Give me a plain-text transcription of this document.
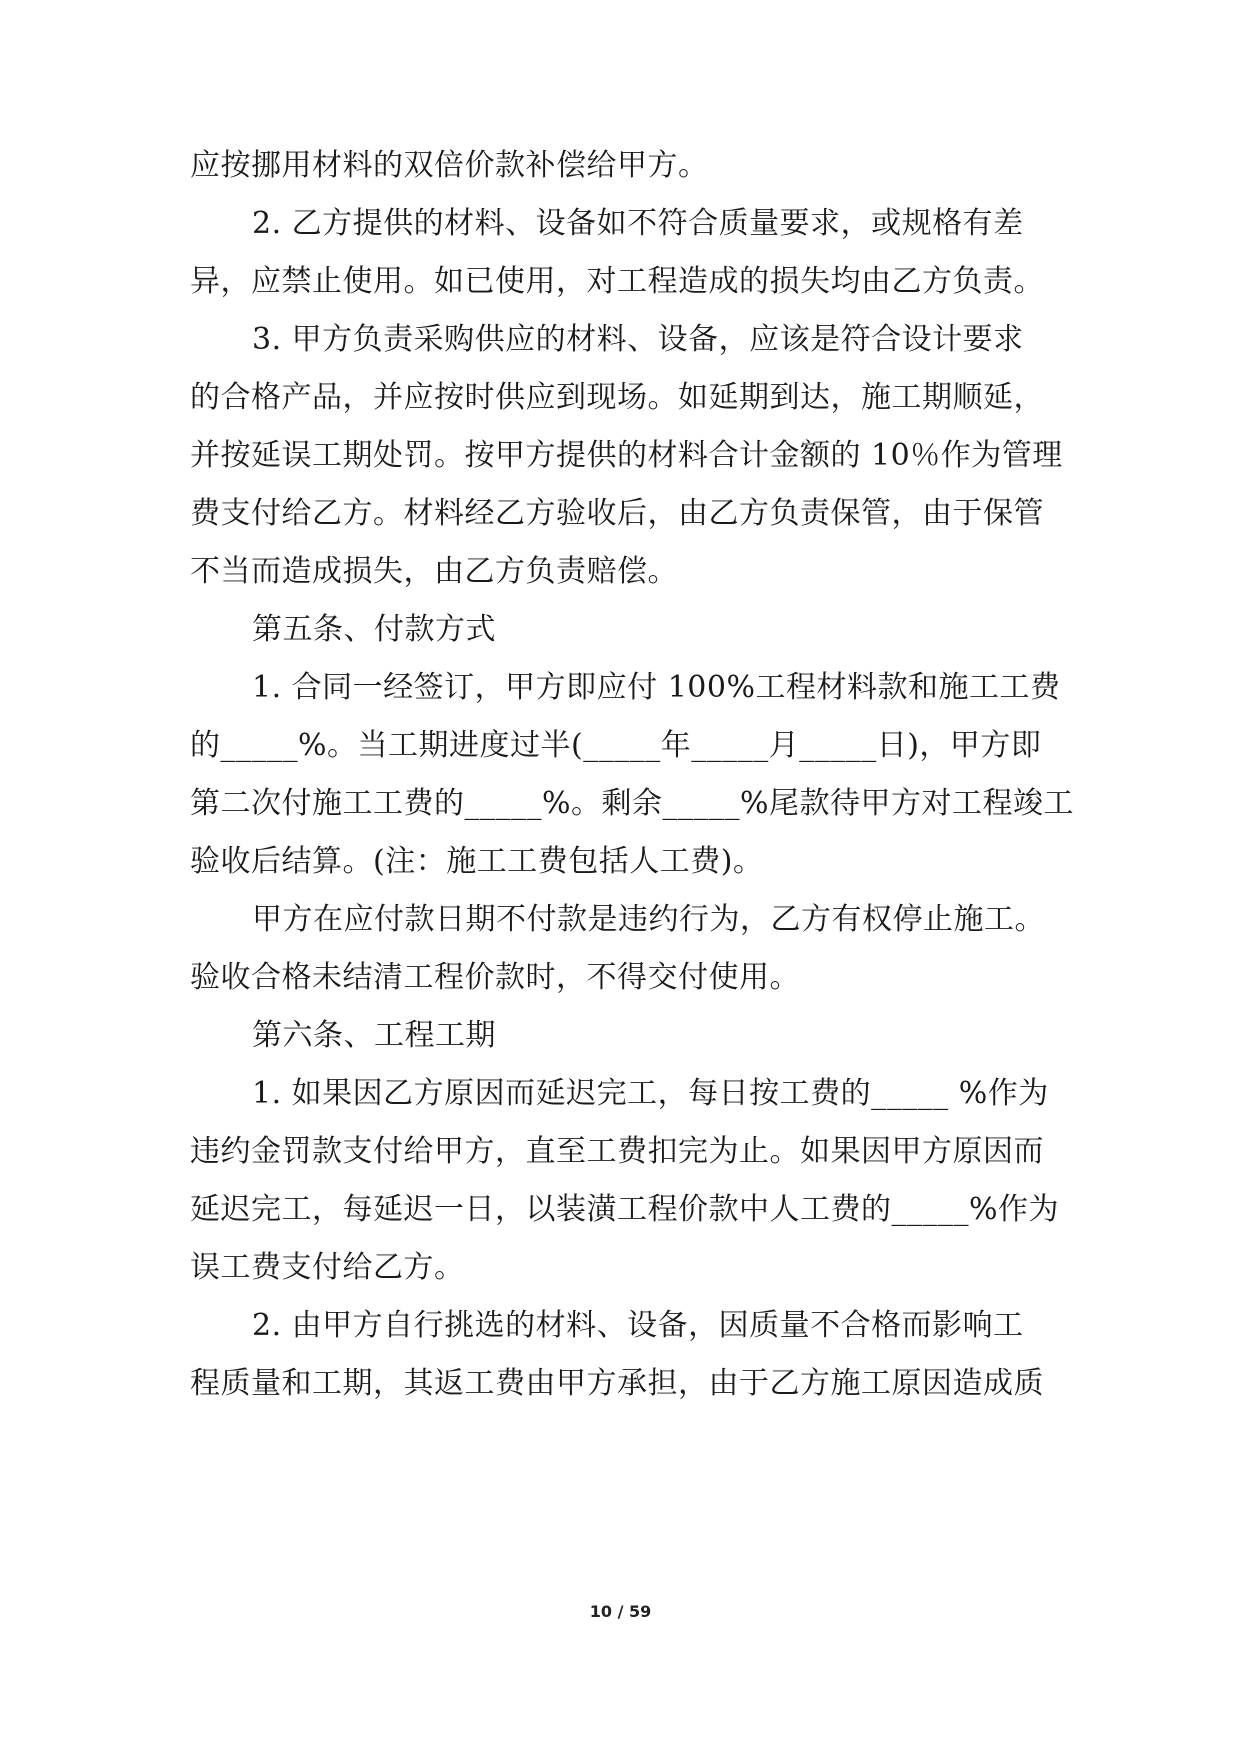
应按挪用材料的双倍价款补偿给甲方。
2. 乙方提供的材料、设备如不符合质量要求，或规格有差
异，应禁止使用。如已使用，对工程造成的损失均由乙方负责。
3. 甲方负责采购供应的材料、设备，应该是符合设计要求
的合格产品，并应按时供应到现场。如延期到达，施工期顺延，
并按延误工期处罚。按甲方提供的材料合计金额的 10％作为管理
费支付给乙方。材料经乙方验收后，由乙方负责保管，由于保管
不当而造成损失，由乙方负责赔偿。
第五条、付款方式
1. 合同一经签订，甲方即应付 100%工程材料款和施工工费
的_____%。当工期进度过半(_____年_____月_____日)，甲方即
第二次付施工工费的_____%。剩余_____%尾款待甲方对工程竣工
验收后结算。(注：施工工费包括人工费)。
甲方在应付款日期不付款是违约行为，乙方有权停止施工。
验收合格未结清工程价款时，不得交付使用。
第六条、工程工期
1. 如果因乙方原因而延迟完工，每日按工费的_____ %作为
违约金罚款支付给甲方，直至工费扣完为止。如果因甲方原因而
延迟完工，每延迟一日，以装潢工程价款中人工费的_____%作为
误工费支付给乙方。
2. 由甲方自行挑选的材料、设备，因质量不合格而影响工
程质量和工期，其返工费由甲方承担，由于乙方施工原因造成质
10 / 59
